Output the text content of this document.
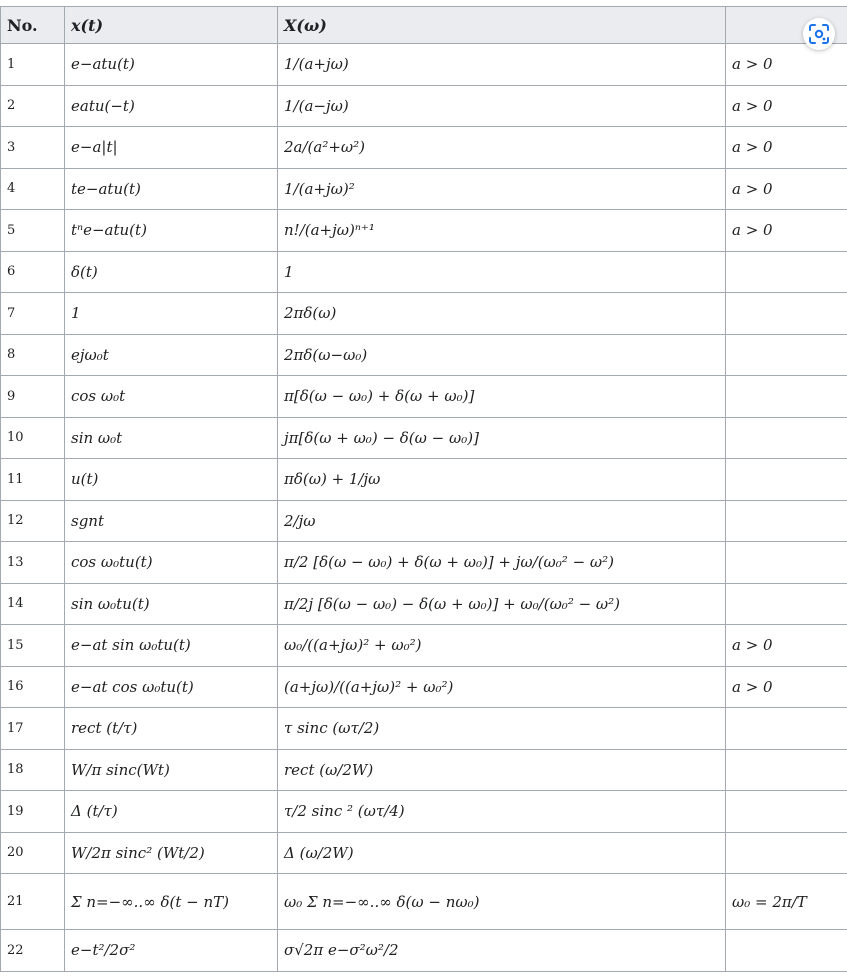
No.	x(t)	X(ω)	
1	e−atu(t)	1/(a+jω)	a > 0
2	eatu(−t)	1/(a−jω)	a > 0
3	e−a|t|	2a/(a²+ω²)	a > 0
4	te−atu(t)	1/(a+jω)²	a > 0
5	tⁿe−atu(t)	n!/(a+jω)ⁿ⁺¹	a > 0
6	δ(t)	1	
7	1	2πδ(ω)	
8	ejω₀t	2πδ(ω−ω₀)	
9	cos ω₀t	π[δ(ω − ω₀) + δ(ω + ω₀)]	
10	sin ω₀t	jπ[δ(ω + ω₀) − δ(ω − ω₀)]	
11	u(t)	πδ(ω) + 1/jω	
12	sgnt	2/jω	
13	cos ω₀tu(t)	π/2 [δ(ω − ω₀) + δ(ω + ω₀)] + jω/(ω₀² − ω²)	
14	sin ω₀tu(t)	π/2j [δ(ω − ω₀) − δ(ω + ω₀)] + ω₀/(ω₀² − ω²)	
15	e−at sin ω₀tu(t)	ω₀/((a+jω)² + ω₀²)	a > 0
16	e−at cos ω₀tu(t)	(a+jω)/((a+jω)² + ω₀²)	a > 0
17	rect (t/τ)	τ sinc (ωτ/2)	
18	W/π sinc(Wt)	rect (ω/2W)	
19	Δ (t/τ)	τ/2 sinc ² (ωτ/4)	
20	W/2π sinc² (Wt/2)	Δ (ω/2W)	
21	Σ n=−∞..∞ δ(t − nT)	ω₀ Σ n=−∞..∞ δ(ω − nω₀)	ω₀ = 2π/T
22	e−t²/2σ²	σ√2π e−σ²ω²/2	
